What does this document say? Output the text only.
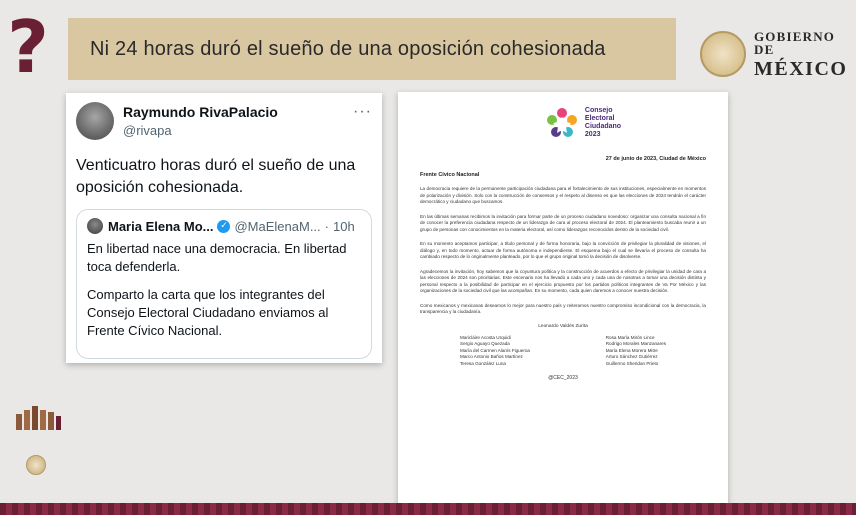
? Ni 24 horas duró el sueño de una oposición cohesionada
GOBIERNO DE
MÉXICO
Raymundo RivaPalacio
@rivapa
···
Venticuatro horas duró el sueño de una oposición cohesionada.
Maria Elena Mo... ✓ @MaElenaM... · 10h

En libertad nace una democracia. En libertad toca defenderla.

Comparto la carta que los integrantes del Consejo Electoral Ciudadano enviamos al Frente Cívico Nacional.

Consejo
Electoral
Ciudadano
2023
27 de junio de 2023, Ciudad de México
Frente Cívico Nacional
La democracia requiere de la permanente participación ciudadana para el fortalecimiento de sus instituciones, especialmente en momentos de polarización y división. Solo con la construcción de consensos y el respeto al disenso es que las elecciones de 2024 tendrán el carácter democrático y ciudadano que buscamos.
En las últimas semanas recibimos la invitación para formar parte de un proceso ciudadano novedoso: organizar una consulta nacional a fin de conocer la preferencia ciudadana respecto de un liderazgo de cara al proceso electoral de 2024. El planteamiento buscaba reunir a un grupo de personas con conocimientos en la materia electoral, así como liderazgos reconocidos dentro de la sociedad civil.
En su momento aceptamos participar, a título personal y de forma honoraria, bajo la convicción de privilegiar la pluralidad de visiones, el diálogo y, en todo momento, actuar de forma autónoma e independiente. El esquema bajo el cual se llevaría el proceso de consulta ha cambiado respecto de lo originalmente planteado, por lo que el grupo original tomó la decisión de disolverse.
Agradecemos la invitación, hoy sabemos que la coyuntura política y la construcción de acuerdos a efecto de privilegiar la unidad de cara a las elecciones de 2024 son prioritarias. Este escenario nos ha llevado a cada uno y cada una de nosotras a tomar una decisión distinta y personal respecto a la posibilidad de participar en el ejercicio propuesto por los partidos políticos integrantes de Va Por México y las organizaciones de la sociedad civil que las acompañan. En su momento, cada quien daremos a conocer nuestra decisión.
Como mexicanos y mexicanas deseamos lo mejor para nuestro país y reiteramos nuestro compromiso incondicional con la democracia, la transparencia y la ciudadanía.
Leonardo Valdés Zurita
Maricláire Acosta Urquidi
Sergio Aguayo Quezada
María del Carmen Alanís Figueroa
Marco Antonio Baños Martínez
Teresa González Luna
Rosa María Mirón Lince
Rodrigo Morales Manzanares
María Elena Morera Mitre
Arturo Sánchez Gutiérrez
Guillermo Sheridan Prieto
@CEC_2023
